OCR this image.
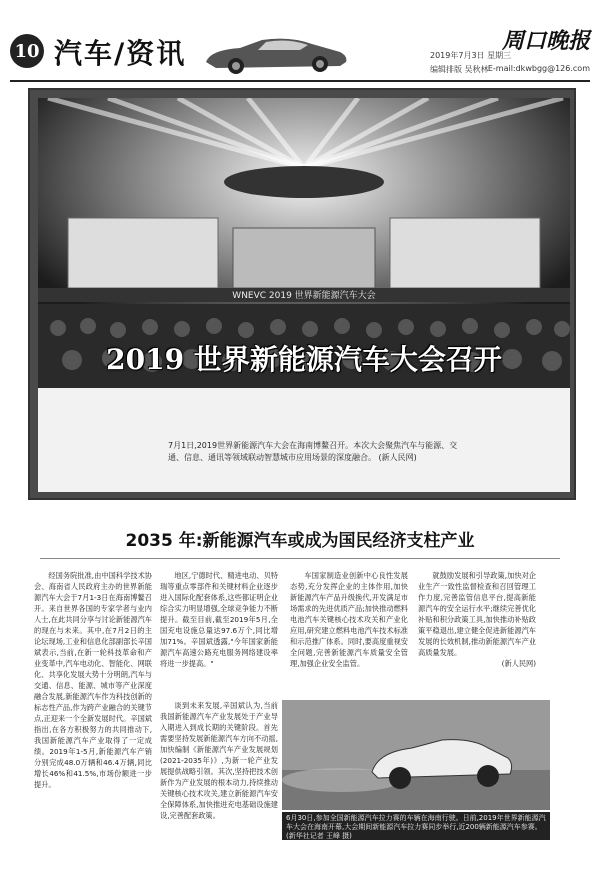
10 汽车/资讯	2019年7月3日 星期三
编辑排版 吴秋林
周口晚报
E-mail:dkwbgg@126.com
WNEVC 2019 世界新能源汽车大会
2019 世界新能源汽车大会召开
7月1日,2019世界新能源汽车大会在海南博鳌召开。本次大会聚焦汽车与能源、交通、信息、通讯等领域联动智慧城市应用场景的深度融合。 (新人民网)
2035 年:新能源汽车或成为国民经济支柱产业

经国务院批准,由中国科学技术协会、海南省人民政府主办的世界新能源汽车大会于7月1-3日在海南博鳌召开。来自世界各国的专家学者与业内人士,在此共同分享与讨论新能源汽车的现在与未来。其中,在7月2日的主论坛现场,工业和信息化部副部长辛国斌表示,当前,在新一轮科技革命和产业变革中,汽车电动化、智能化、网联化、共享化发展大势十分明朗,汽车与交通、信息、能源、城市等产业深度融合发展,新能源汽车作为科技创新的标志性产品,作为跨产业融合的关键节点,正迎来一个全新发展时代。辛国斌指出,在各方积极努力的共同推动下,我国新能源汽车产业取得了一定成绩。2019年1-5月,新能源汽车产销分别完成48.0万辆和46.4万辆,同比增长46%和41.5%,市场份额进一步提升。

地区,宁德时代、精进电动、贝特瑞等重点零部件和关键材料企业逐步进入国际化配套体系,这些都证明企业综合实力明显增强,全球竞争能力不断提升。截至目前,截至2019年5月,全国充电设施总量达97.6万个,同比增加71%。辛国斌透露,"今年国家新能源汽车高速公路充电服务网络建设率将进一步提高。"

谈到未来发展,辛国斌认为,当前我国新能源汽车产业发展处于产业导入期进入到成长期的关键阶段。首先需要坚持发展新能源汽车方向不动摇,加快编制《新能源汽车产业发展规划(2021-2035年)》,为新一轮产业发展提供战略引领。其次,坚持把技术创新作为产业发展的根本动力,持续推动关键核心技术攻关,建立新能源汽车安全保障体系,加快推进充电基础设施建设,完善配套政策。

车国家制造业创新中心良性发展态势,充分发挥企业的主体作用,加快新能源汽车产品升级换代,开发满足市场需求的先进优质产品;加快推动燃料电池汽车关键核心技术攻关和产业化应用,研究建立燃料电池汽车技术标准和示范推广体系。同时,要高度重视安全问题,完善新能源汽车质量安全管理,加强企业安全监管。

就鼓励发展和引导政策,加快对企业生产一致性监督检查和召回管理工作力度,完善监管信息平台,提高新能源汽车的安全运行水平;继续完善优化补贴和积分政策工具,加快推动补贴政策平稳退出,建立健全促进新能源汽车发展的长效机制,推动新能源汽车产业高质量发展。

(新人民网)

6月30日,参加全国新能源汽车拉力赛的车辆在海南行驶。日前,2019年世界新能源汽车大会在海南开幕,大会期间新能源汽车拉力赛同步举行,近200辆新能源汽车参赛。(新华社记者 王峰 摄)
